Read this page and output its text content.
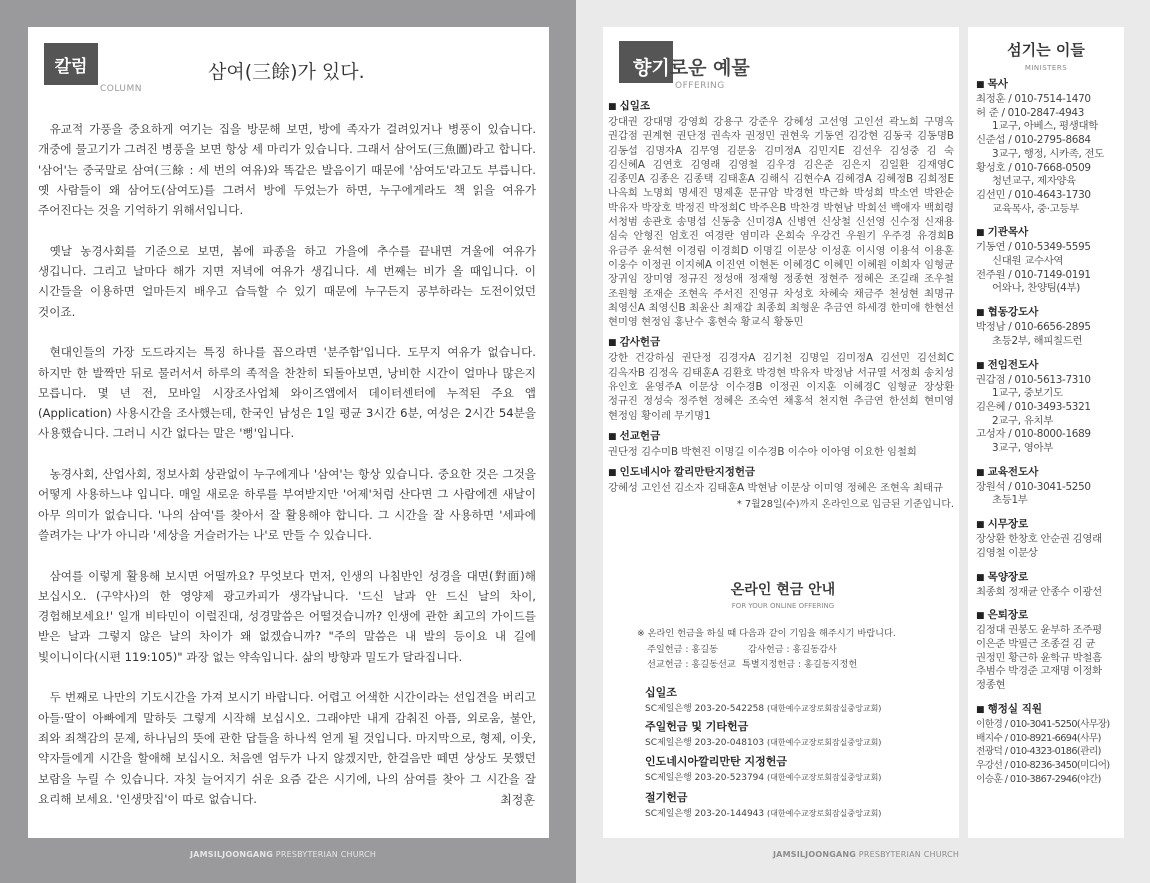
칼럼
COLUMN
삼여(三餘)가 있다.

유교적 가풍을 중요하게 여기는 집을 방문해 보면, 방에 족자가 걸려있거나 병풍이 있습니다. 개중에 물고기가 그려진 병풍을 보면 항상 세 마리가 있습니다. 그래서 삼어도(三魚圖)라고 합니다. '삼어'는 중국말로 삼여(三餘 : 세 번의 여유)와 똑같은 발음이기 때문에 '삼여도'라고도 부릅니다. 옛 사람들이 왜 삼어도(삼여도)를 그려서 방에 두었는가 하면, 누구에게라도 책 읽을 여유가 주어진다는 것을 기억하기 위해서입니다.

옛날 농경사회를 기준으로 보면, 봄에 파종을 하고 가을에 추수를 끝내면 겨울에 여유가 생깁니다. 그리고 날마다 해가 지면 저녁에 여유가 생깁니다. 세 번째는 비가 올 때입니다. 이 시간들을 이용하면 얼마든지 배우고 습득할 수 있기 때문에 누구든지 공부하라는 도전이었던 것이죠.

현대인들의 가장 도드라지는 특징 하나를 꼽으라면 '분주함'입니다. 도무지 여유가 없습니다. 하지만 한 발짝만 뒤로 물러서서 하루의 족적을 찬찬히 되돌아보면, 낭비한 시간이 얼마나 많은지 모릅니다. 몇 년 전, 모바일 시장조사업체 와이즈앱에서 데이터센터에 누적된 주요 앱(Application) 사용시간을 조사했는데, 한국인 남성은 1일 평균 3시간 6분, 여성은 2시간 54분을 사용했습니다. 그러니 시간 없다는 말은 '뻥'입니다.

농경사회, 산업사회, 정보사회 상관없이 누구에게나 '삼여'는 항상 있습니다. 중요한 것은 그것을 어떻게 사용하느냐 입니다. 매일 새로운 하루를 부여받지만 '어제'처럼 산다면 그 사람에겐 새날이 아무 의미가 없습니다. '나의 삼여'를 찾아서 잘 활용해야 합니다. 그 시간을 잘 사용하면 '세파에 쓸려가는 나'가 아니라 '세상을 거슬러가는 나'로 만들 수 있습니다.

삼여를 이렇게 활용해 보시면 어떨까요? 무엇보다 먼저, 인생의 나침반인 성경을 대면(對面)해 보십시오. (구약사)의 한 영양제 광고카피가 생각납니다. '드신 날과 안 드신 날의 차이, 경험해보세요!' 일개 비타민이 이럴진대, 성경말씀은 어떨것습니까? 인생에 관한 최고의 가이드를 받은 날과 그렇지 않은 날의 차이가 왜 없겠습니까? "주의 말씀은 내 발의 등이요 내 길에 빛이니이다(시편 119:105)" 과장 없는 약속입니다. 삶의 방향과 밀도가 달라집니다.

두 번째로 나만의 기도시간을 가져 보시기 바랍니다. 어렵고 어색한 시간이라는 선입견을 버리고 아들·딸이 아빠에게 말하듯 그렇게 시작해 보십시오. 그래야만 내게 감춰진 아픔, 외로움, 불안, 죄와 죄책감의 문제, 하나님의 뜻에 관한 답들을 하나씩 얻게 될 것입니다. 마지막으로, 형제, 이웃, 약자들에게 시간을 할애해 보십시오. 처음엔 엄두가 나지 않겠지만, 한걸음만 떼면 상상도 못했던 보람을 누릴 수 있습니다. 자칫 늘어지기 쉬운 요즘 같은 시기에, 나의 삼여를 찾아 그 시간을 잘 요리해 보세요. '인생맛집'이 따로 없습니다.	최정훈
향기로운 예물
OFFERING
■ 십일조
강대권 강대명 강영희 강용구 강준우 강혜성 고선영 고인선 곽노희 구명옥 권갑점 권계현 권단정 권속자 권정민 권현욱 기동연 김강현 김동국 김동명B 김동섭 김명자A 김무영 김문웅 김미정A 김민지E 김선우 김성중 김 숙 김신혜A 김연호 김영래 김영철 김우경 김은준 김은지 김일환 김재영C 김종민A 김종은 김종택 김태훈A 김해식 김현수A 김혜경A 김혜정B 김희정E 나옥희 노명희 명세진 명제훈 문규암 박경현 박근화 박성희 박소연 박완순 박유자 박장호 박정진 박정희C 박주은B 박찬경 박현남 박희선 백애자 백희령 서청범 송관호 송명섭 신동충 신미경A 신병연 신상철 신선영 신수정 신재용 심숙 안형진 엄호진 여경란 염미라 온희숙 우강건 우원기 우주경 유경희B 유금주 윤석현 이경림 이경희D 이명길 이문상 이성훈 이시영 이용석 이용훈 이웅수 이정권 이지혜A 이진연 이현돈 이혜경C 이혜민 이혜원 이희자 임형균 장귀임 장미영 정규진 정성애 정재형 정종현 정현주 정혜은 조길래 조우철 조원형 조재순 조현옥 주서진 진영규 차성호 차혜숙 채금주 천성현 최명규 최영신A 최영신B 최윤산 최재갑 최종희 최형운 추금연 하세경 한미애 한현선 현미영 현정임 홍난수 홍현숙 황교식 황동민
■ 감사헌금
강한 건강하심 권단정 김경자A 김기천 김명일 김미정A 김선민 김선희C 김옥자B 김정옥 김태훈A 김환호 박경현 박유자 박정남 서규열 서정희 송치성 유인호 윤영주A 이문상 이수경B 이정권 이지훈 이혜경C 임형균 장상환 정규진 정성숙 정주현 정혜은 조숙연 채홍석 천지현 추금연 한선희 현미영 현정임 황이레 무기명1
■ 선교헌금
권단정 김수미B 박현진 이명길 이수경B 이수아 이아영 이요한 임철희
■ 인도네시아 깔리만탄지정헌금
강혜성 고인선 김소자 김태훈A 박현남 이문상 이미영 정혜은 조현옥 최태규
* 7월28일(수)까지 온라인으로 입금된 기준입니다.
온라인 현금 안내
FOR YOUR ONLINE OFFERING
※ 온라인 헌금을 하실 때 다음과 같이 기입을 해주시기 바랍니다.
주일헌금 : 홍길동	감사헌금 : 홍길동감사
선교헌금 : 홍길동선교 특별지정헌금 : 홍길동지정헌
십일조
SC제일은행 203-20-542258 (대한예수교장로회잠실중앙교회)
주일헌금 및 기타헌금
SC제일은행 203-20-048103 (대한예수교장로회잠실중앙교회)
인도네시아깔리만탄 지정헌금
SC제일은행 203-20-523794 (대한예수교장로회잠실중앙교회)
절기헌금
SC제일은행 203-20-144943 (대한예수교장로회잠실중앙교회)
섬기는 이들
MINISTERS
■ 목사
최정훈 / 010-7514-1470
허 준 / 010-2847-4943
1교구, 아베스, 평생대학
신준섭 / 010-2795-8684
3교구, 행정, 시카족, 전도
황성호 / 010-7668-0509
청년교구, 제자양육
김선민 / 010-4643-1730
교육목사, 중·고등부
■ 기관목사
기동연 / 010-5349-5595
신대원 교수사역
전주원 / 010-7149-0191
어와나, 찬양팀(4부)
■ 협동강도사
박정남 / 010-6656-2895
초등2부, 해피칠드런
■ 전임전도사
권갑점 / 010-5613-7310
1교구, 중보기도
김은혜 / 010-3493-5321
2교구, 유치부
고성자 / 010-8000-1689
3교구, 영아부
■ 교육전도사
장원석 / 010-3041-5250
초등1부
■ 시무장로
장상환 한창호 안순권 김영래
김영철 이문상
■ 목양장로
최종희 정재균 안종수 이광선
■ 은퇴장로
김정대 권봉도 윤부하 조주평
이은준 박필근 조종걸 김 균
권정민 황근하 윤학규 박철흠
추범수 박경준 고재명 이정화
정종현
■ 행정실 직원
이한경 / 010-3041-5250(사무장)
배지수 / 010-8921-6694(사무)
전광덕 / 010-4323-0186(관리)
우강선 / 010-8236-3450(미디어)
이승훈 / 010-3867-2946(야간)
JAMSILJOONGANG PRESBYTERIAN CHURCH	JAMSILJOONGANG PRESBYTERIAN CHURCH
